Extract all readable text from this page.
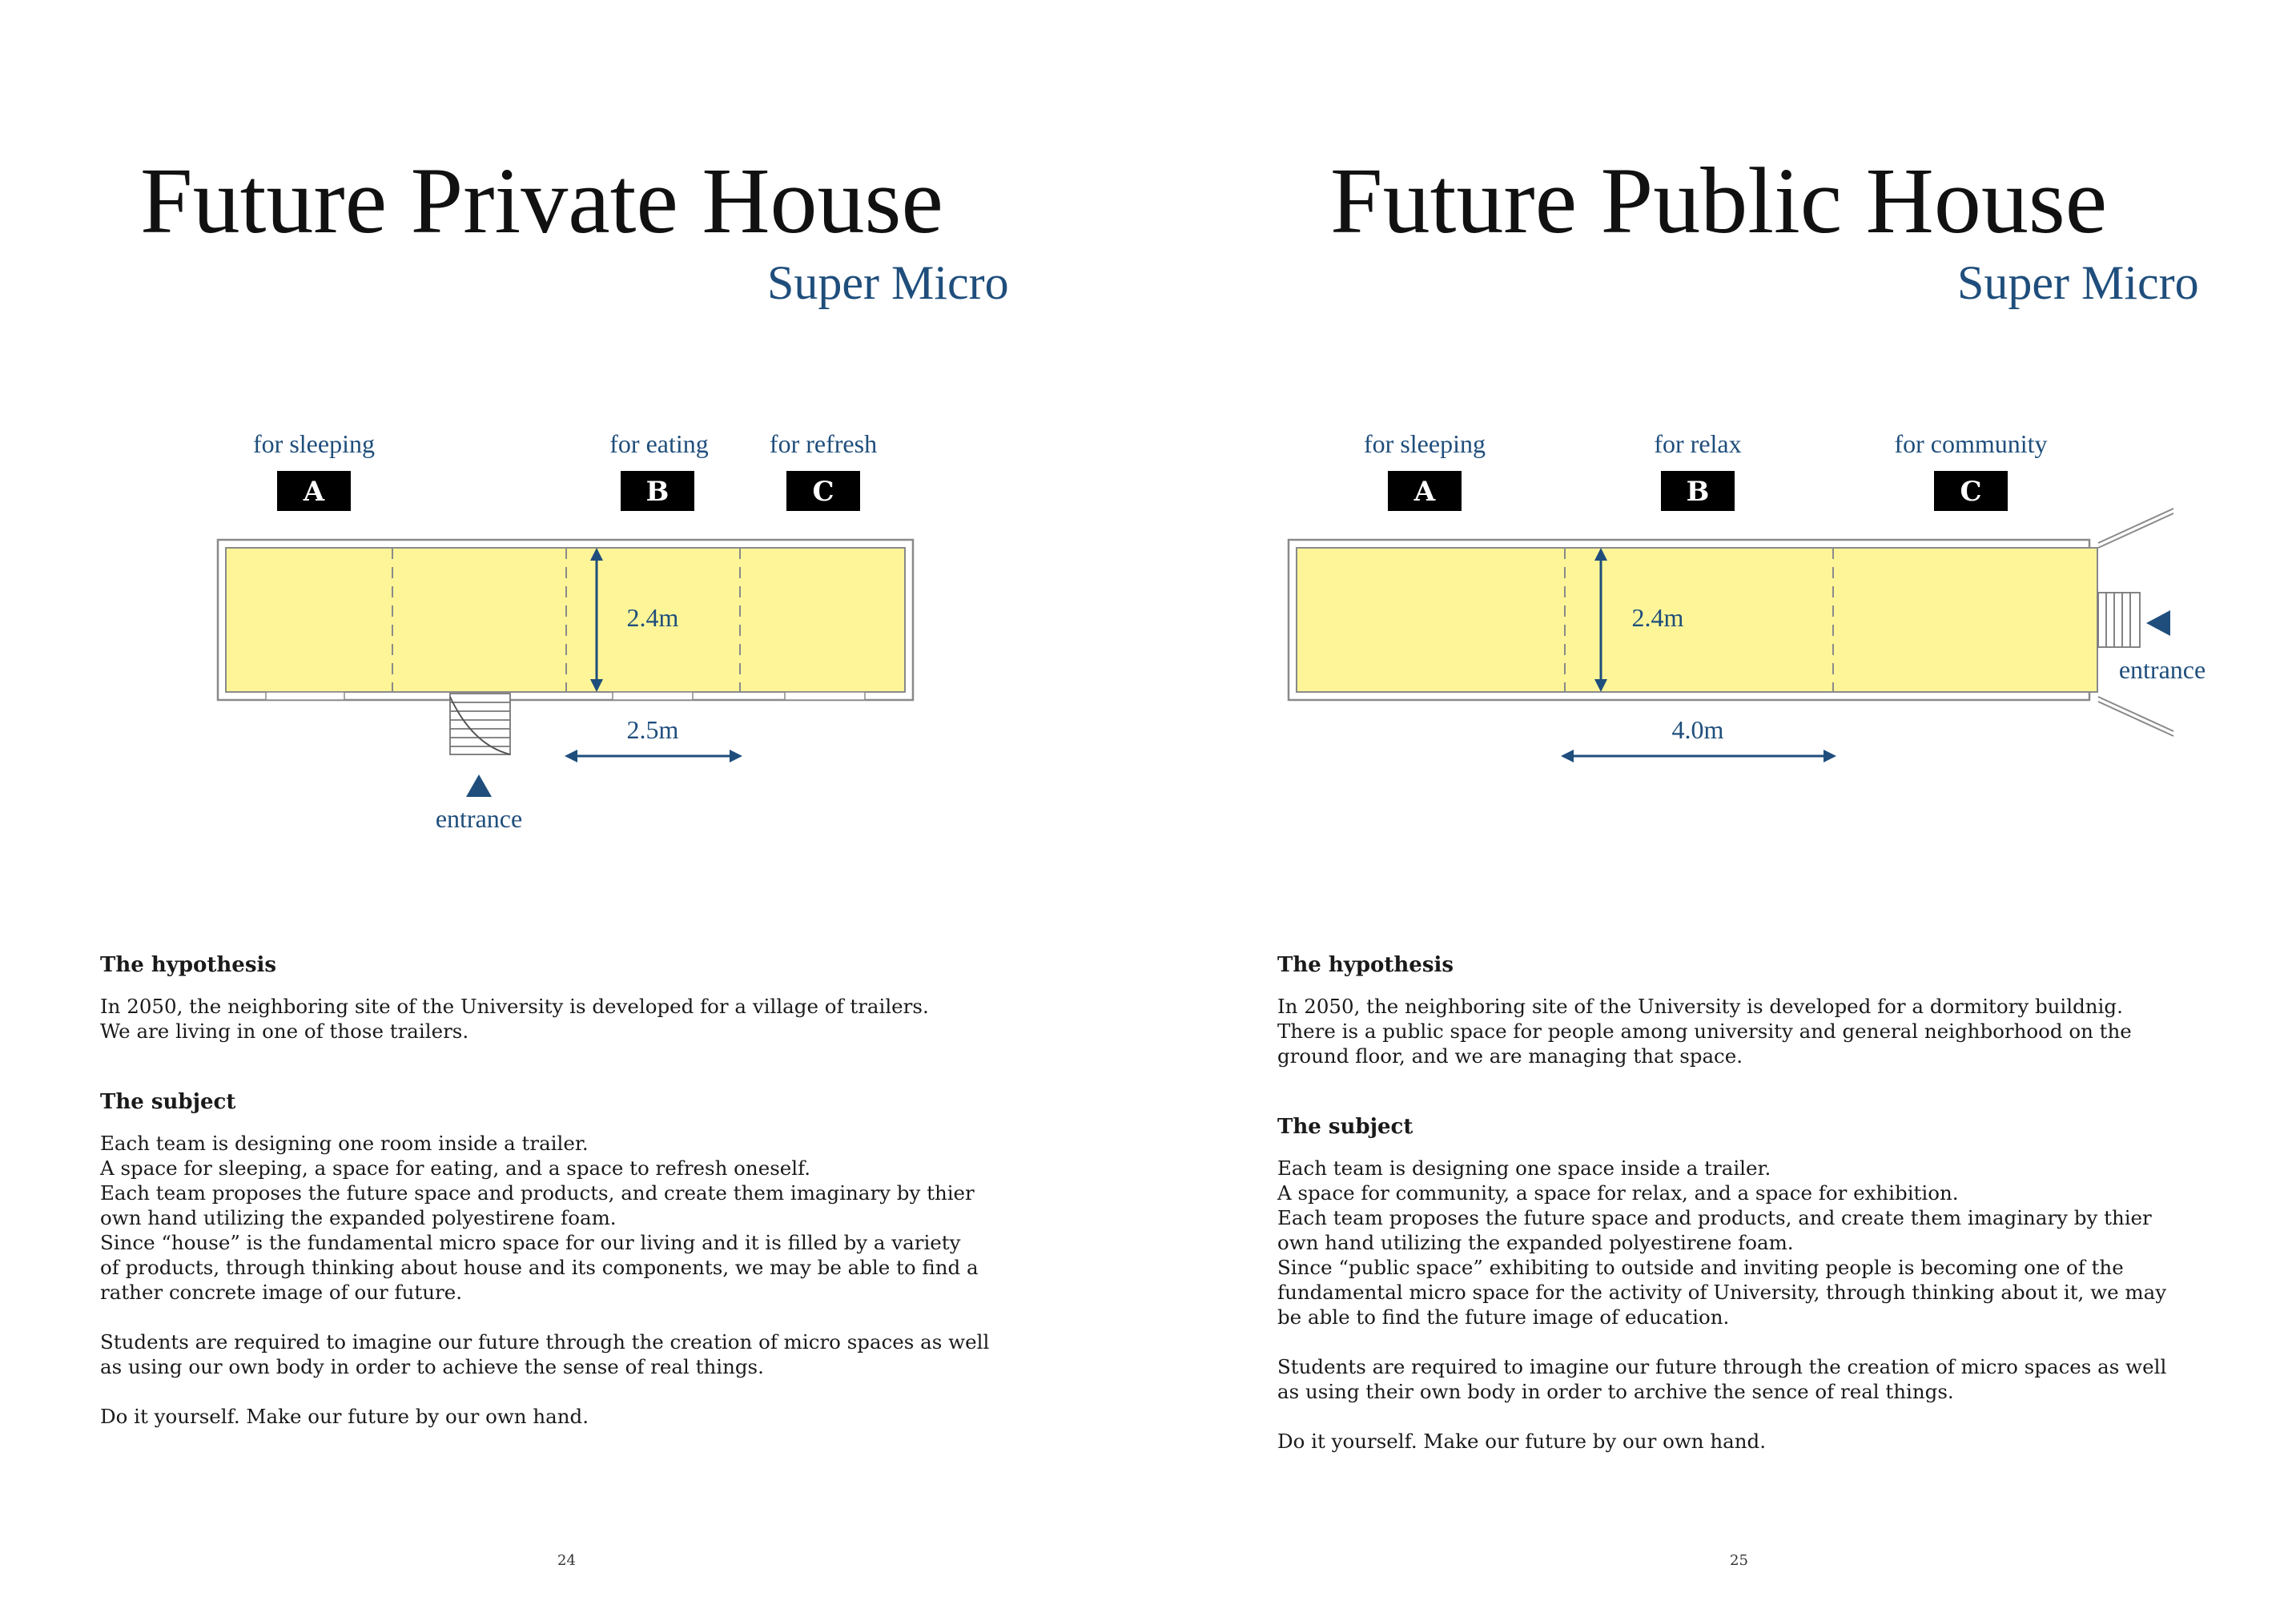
Future Private House
Super Micro
for sleeping	for eating for refresh
A	B	C
2.4m
2.5m
entrance
The hypothesis

In 2050, the neighboring site of the University is developed for a village of trailers.
We are living in one of those trailers.

The subject

Each team is designing one room inside a trailer.
A space for sleeping, a space for eating, and a space to refresh oneself.
Each team proposes the future space and products, and create them imaginary by thier
own hand utilizing the expanded polyestirene foam.
Since “house” is the fundamental micro space for our living and it is filled by a variety
of products, through thinking about house and its components, we may be able to find a
rather concrete image of our future.

Students are required to imagine our future through the creation of micro spaces as well
as using our own body in order to achieve the sense of real things.

Do it yourself. Make our future by our own hand.

24
Future Public House
Super Micro
for sleeping	for relax	for community
A	B	C
2.4m
4.0m
entrance
The hypothesis

In 2050, the neighboring site of the University is developed for a dormitory buildnig.
There is a public space for people among university and general neighborhood on the
ground floor, and we are managing that space.

The subject

Each team is designing one space inside a trailer.
A space for community, a space for relax, and a space for exhibition.
Each team proposes the future space and products, and create them imaginary by thier
own hand utilizing the expanded polyestirene foam.
Since “public space” exhibiting to outside and inviting people is becoming one of the
fundamental micro space for the activity of University, through thinking about it, we may
be able to find the future image of education.

Students are required to imagine our future through the creation of micro spaces as well
as using their own body in order to archive the sence of real things.

Do it yourself. Make our future by our own hand.

25
